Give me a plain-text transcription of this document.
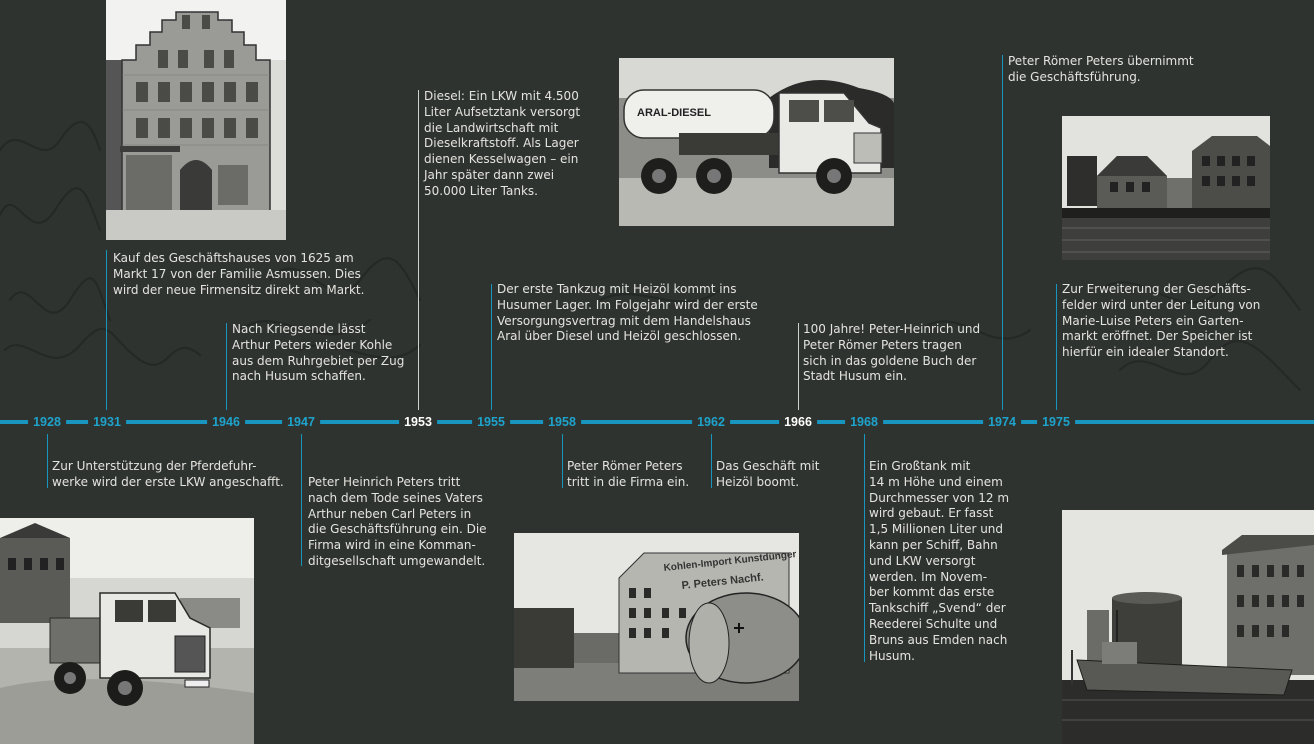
1928	1931	1946	1947	1953	1955	1958	1962	1966	1968	1974	1975

Kauf des Geschäftshauses von 1625 am
Markt 17 von der Familie Asmussen. Dies
wird der neue Firmensitz direkt am Markt.

Nach Kriegsende lässt
Arthur Peters wieder Kohle
aus dem Ruhrgebiet per Zug
nach Husum schaffen.

Diesel: Ein LKW mit 4.500
Liter Aufsetztank versorgt
die Landwirtschaft mit
Dieselkraftstoff. Als Lager
dienen Kesselwagen – ein
Jahr später dann zwei
50.000 Liter Tanks.

Der erste Tankzug mit Heizöl kommt ins
Husumer Lager. Im Folgejahr wird der erste
Versorgungsvertrag mit dem Handelshaus
Aral über Diesel und Heizöl geschlossen.

100 Jahre! Peter-Heinrich und
Peter Römer Peters tragen
sich in das goldene Buch der
Stadt Husum ein.

Peter Römer Peters übernimmt
die Geschäftsführung.

Zur Erweiterung der Geschäfts-
felder wird unter der Leitung von
Marie-Luise Peters ein Garten-
markt eröffnet. Der Speicher ist
hierfür ein idealer Standort.

Zur Unterstützung der Pferdefuhr-
werke wird der erste LKW angeschafft.	Peter Heinrich Peters tritt
nach dem Tode seines Vaters
Arthur neben Carl Peters in
die Geschäftsführung ein. Die
Firma wird in eine Komman-
ditgesellschaft umgewandelt.

Peter Römer Peters
tritt in die Firma ein.

Das Geschäft mit
Heizöl boomt.

Ein Großtank mit
14 m Höhe und einem
Durchmesser von 12 m
wird gebaut. Er fasst
1,5 Millionen Liter und
kann per Schiff, Bahn
und LKW versorgt
werden. Im Novem-
ber kommt das erste
Tankschiff „Svend“ der
Reederei Schulte und
Bruns aus Emden nach
Husum.

ARAL-DIESEL
Kohlen-Import Kunstdünger
P. Peters Nachf.
